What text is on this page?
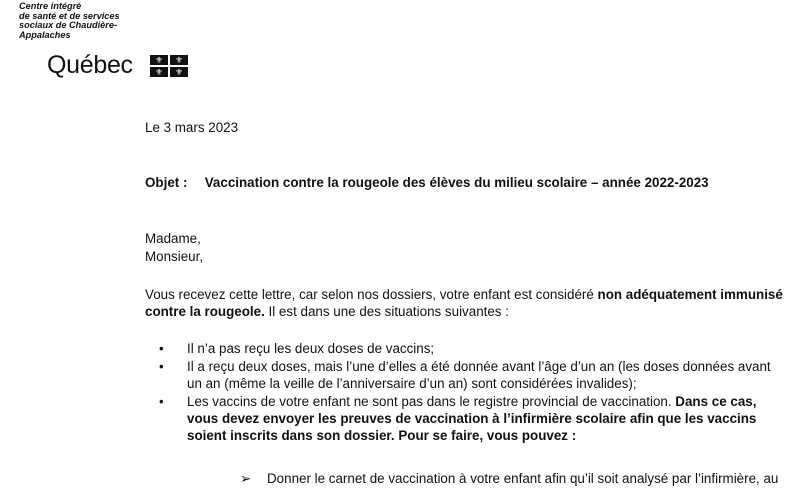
Centre intégré
de santé et de services
sociaux de Chaudière-
Appalaches
Québec	⚜	⚜
⚜	⚜
Le 3 mars 2023
Objet : Vaccination contre la rougeole des élèves du milieu scolaire – année 2022-2023
Madame,
Monsieur,
Vous recevez cette lettre, car selon nos dossiers, votre enfant est considéré non adéquatement immunisé contre la rougeole. Il est dans une des situations suivantes :
• Il n’a pas reçu les deux doses de vaccins;
• Il a reçu deux doses, mais l’une d’elles a été donnée avant l’âge d’un an (les doses données avant un an (même la veille de l’anniversaire d’un an) sont considérées invalides);
• Les vaccins de votre enfant ne sont pas dans le registre provincial de vaccination. Dans ce cas, vous devez envoyer les preuves de vaccination à l’infirmière scolaire afin que les vaccins soient inscrits dans son dossier. Pour se faire, vous pouvez :
➢ Donner le carnet de vaccination à votre enfant afin qu’il soit analysé par l’infirmière, au
